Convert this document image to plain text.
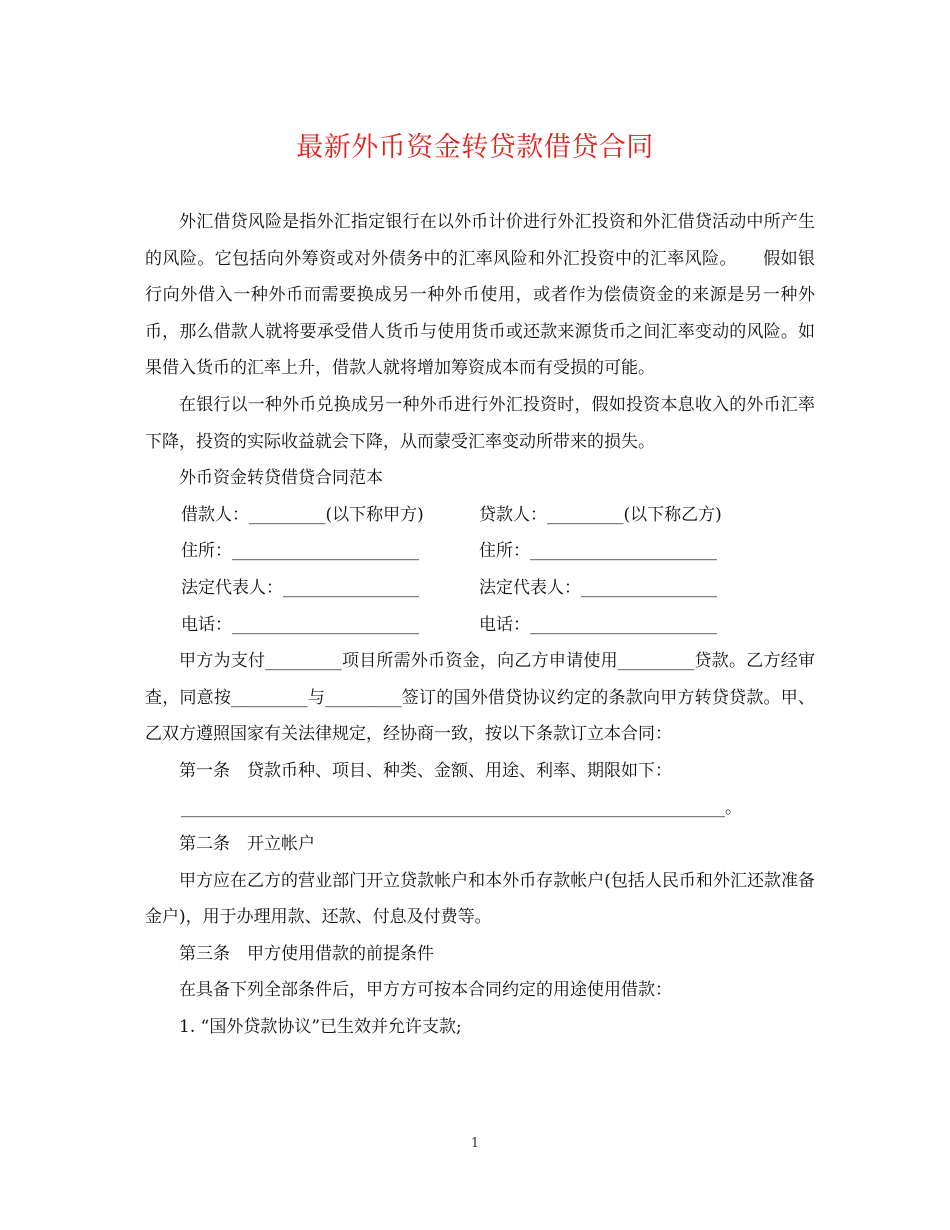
最新外币资金转贷款借贷合同

外汇借贷风险是指外汇指定银行在以外币计价进行外汇投资和外汇借贷活动中所产生的风险。它包括向外筹资或对外债务中的汇率风险和外汇投资中的汇率风险。　　假如银行向外借入一种外币而需要换成另一种外币使用，或者作为偿债资金的来源是另一种外币，那么借款人就将要承受借人货币与使用货币或还款来源货币之间汇率变动的风险。如果借入货币的汇率上升，借款人就将增加筹资成本而有受损的可能。

在银行以一种外币兑换成另一种外币进行外汇投资时，假如投资本息收入的外币汇率下降，投资的实际收益就会下降，从而蒙受汇率变动所带来的损失。

外币资金转贷借贷合同范本

借款人：_________(以下称甲方)	贷款人：_________(以下称乙方)
住所：______________________	住所：______________________
法定代表人：________________	法定代表人：________________
电话：______________________	电话：______________________

甲方为支付_________项目所需外币资金，向乙方申请使用_________贷款。乙方经审查，同意按_________与_________签订的国外借贷协议约定的条款向甲方转贷贷款。甲、乙双方遵照国家有关法律规定，经协商一致，按以下条款订立本合同：

第一条　贷款币种、项目、种类、金额、用途、利率、期限如下：

________________________________________________________________。

第二条　开立帐户

甲方应在乙方的营业部门开立贷款帐户和本外币存款帐户(包括人民币和外汇还款准备金户)，用于办理用款、还款、付息及付费等。

第三条　甲方使用借款的前提条件

在具备下列全部条件后，甲方方可按本合同约定的用途使用借款：

1. “国外贷款协议”已生效并允许支款;

1
